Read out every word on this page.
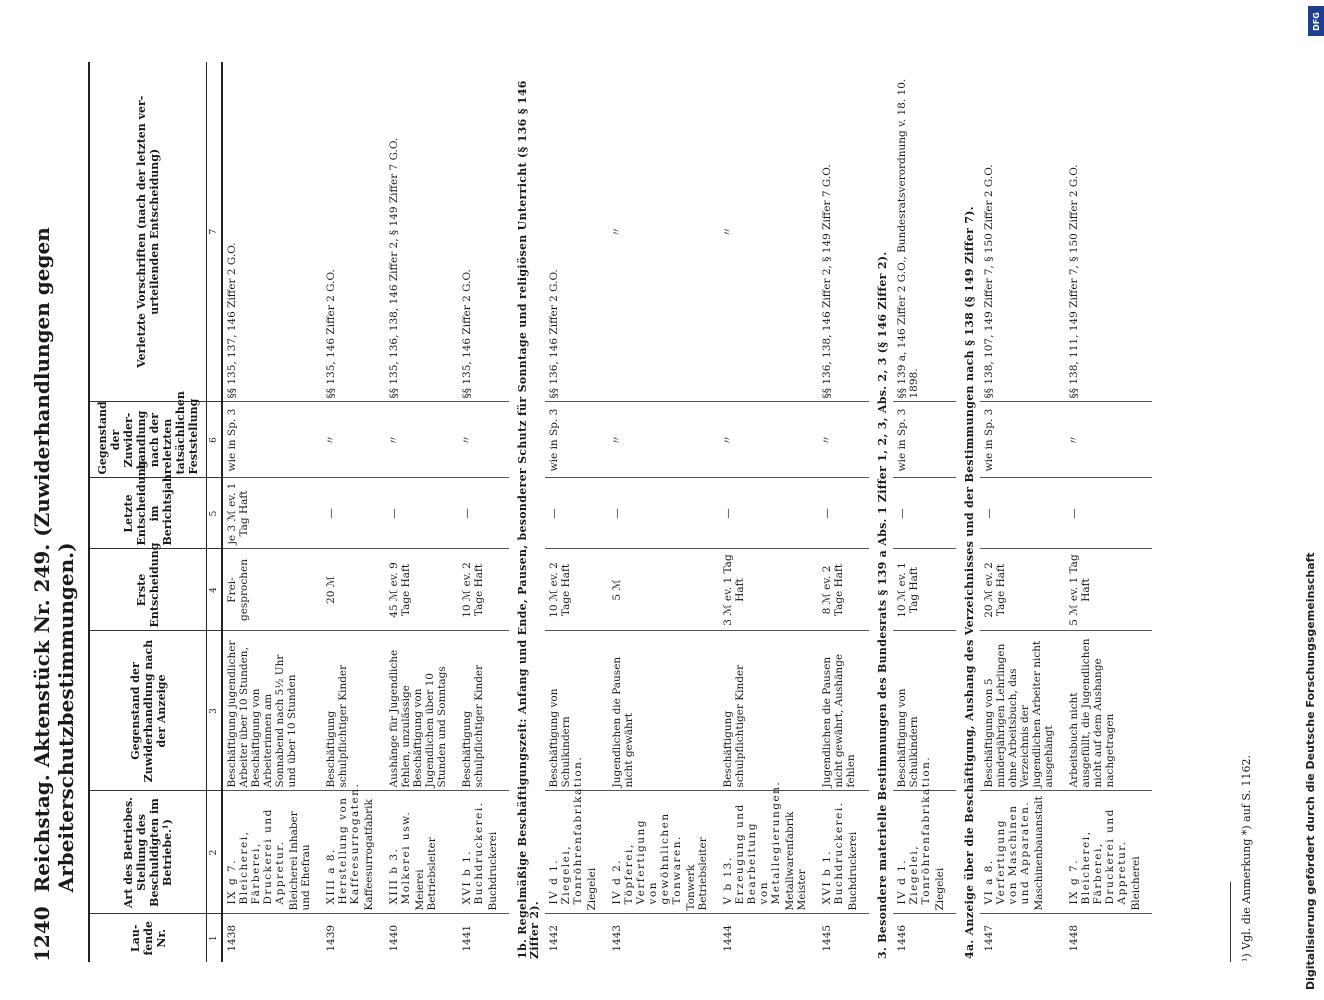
1240
Reichstag. Aktenstück Nr. 249. (Zuwiderhandlungen gegen Arbeiterschutzbestimmungen.)
Lau-fende Nr.	Art des Betriebes. Stellung des Beschuldigten im Betriebe.¹)	Gegenstand der Zuwiderhandlung nach der Anzeige	Erste Entscheidung	Letzte Entscheidung im Berichtsjahre	Gegenstand der Zuwider-handlung nach der letzten tatsächlichen Feststellung	Verletzte Vorschriften (nach der letzten ver-urteilenden Entscheidung)
1	2	3	4	5	6	7
1438	IX g 7. Bleicherei, Färberei, Druckerei und Appretur. Bleicherei Inhaber und Ehefrau	Beschäftigung jugendlicher Arbeiter über 10 Stunden, Beschäftigung von Arbeiterinnen am Sonnabend nach 5½ Uhr und über 10 Stunden	Frei-gesprochen	je 3 ℳ ev. 1 Tag Haft	wie in Sp. 3	§§ 135, 137, 146 Ziffer 2 G.O.
1439	XIII a 8. Herstellung von Kaffeesurrogaten. Kaffeesurrogatfabrik	Beschäftigung schulpflichtiger Kinder	20 ℳ	—	〃	§§ 135, 146 Ziffer 2 G.O.
1440	XIII b 3. Molkerei usw. Meierei Betriebsleiter	Aushänge für Jugendliche fehlen, unzulässige Beschäftigung von Jugendlichen über 10 Stunden und Sonntags	45 ℳ ev. 9 Tage Haft	—	〃	§§ 135, 136, 138, 146 Ziffer 2, § 149 Ziffer 7 G.O.
1441	XVI b 1. Buchdruckerei. Buchdruckerei	Beschäftigung schulpflichtiger Kinder	10 ℳ ev. 2 Tage Haft	—	〃	§§ 135, 146 Ziffer 2 G.O.
1b. Regelmäßige Beschäftigungszeit: Anfang und Ende, Pausen, besonderer Schutz für Sonntage und religiösen Unterricht (§ 136 § 146 Ziffer 2).						
1442	IV d 1. Ziegelei, Tonröhrenfabrikation. Ziegelei	Beschäftigung von Schulkindern	10 ℳ ev. 2 Tage Haft	—	wie in Sp. 3	§§ 136, 146 Ziffer 2 G.O.
1443	IV d 2. Töpferei, Verfertigung von gewöhnlichen Tonwaren. Tonwerk Betriebsleiter	Jugendlichen die Pausen nicht gewährt	5 ℳ	—	〃	〃
1444	V b 13. Erzeugung und Bearbeitung von Metallegierungen. Metallwarenfabrik Meister	Beschäftigung schulpflichtiger Kinder	3 ℳ ev. 1 Tag Haft	—	〃	〃
1445	XVI b 1. Buchdruckerei. Buchdruckerei	Jugendlichen die Pausen nicht gewährt, Aushänge fehlen	8 ℳ ev. 2 Tage Haft	—	〃	§§ 136, 138, 146 Ziffer 2, § 149 Ziffer 7 G.O.
3. Besondere materielle Bestimmungen des Bundesrats § 139 a Abs. 1 Ziffer 1, 2, 3, Abs. 2, 3 (§ 146 Ziffer 2).						
1446	IV d 1. Ziegelei, Tonröhrenfabrikation. Ziegelei	Beschäftigung von Schulkindern	10 ℳ ev. 1 Tag Haft	—	wie in Sp. 3	§§ 139 a, 146 Ziffer 2 G.O., Bundesratsverordnung v. 18. 10. 1898.
4a. Anzeige über die Beschäftigung, Aushang des Verzeichnisses und der Bestimmungen nach § 138 (§ 149 Ziffer 7).						
1447	VI a 8. Verfertigung von Maschinen und Apparaten. Maschinenbauanstalt	Beschäftigung von 5 minderjährigen Lehrlingen ohne Arbeitsbuch, das Verzeichnis der jugendlichen Arbeiter nicht ausgehängt	20 ℳ ev. 2 Tage Haft	—	wie in Sp. 3	§§ 138, 107, 149 Ziffer 7, § 150 Ziffer 2 G.O.
1448	IX g 7. Bleicherei, Färberei, Druckerei und Appretur. Bleicherei	Arbeitsbuch nicht ausgefüllt, die Jugendlichen nicht auf dem Aushange nachgetragen	5 ℳ ev. 1 Tag Haft	—	〃	§§ 138, 111, 149 Ziffer 7, § 150 Ziffer 2 G.O.
¹) Vgl. die Anmerkung *) auf S. 1162.
DFG
Digitalisierung gefördert durch die Deutsche Forschungsgemeinschaft
